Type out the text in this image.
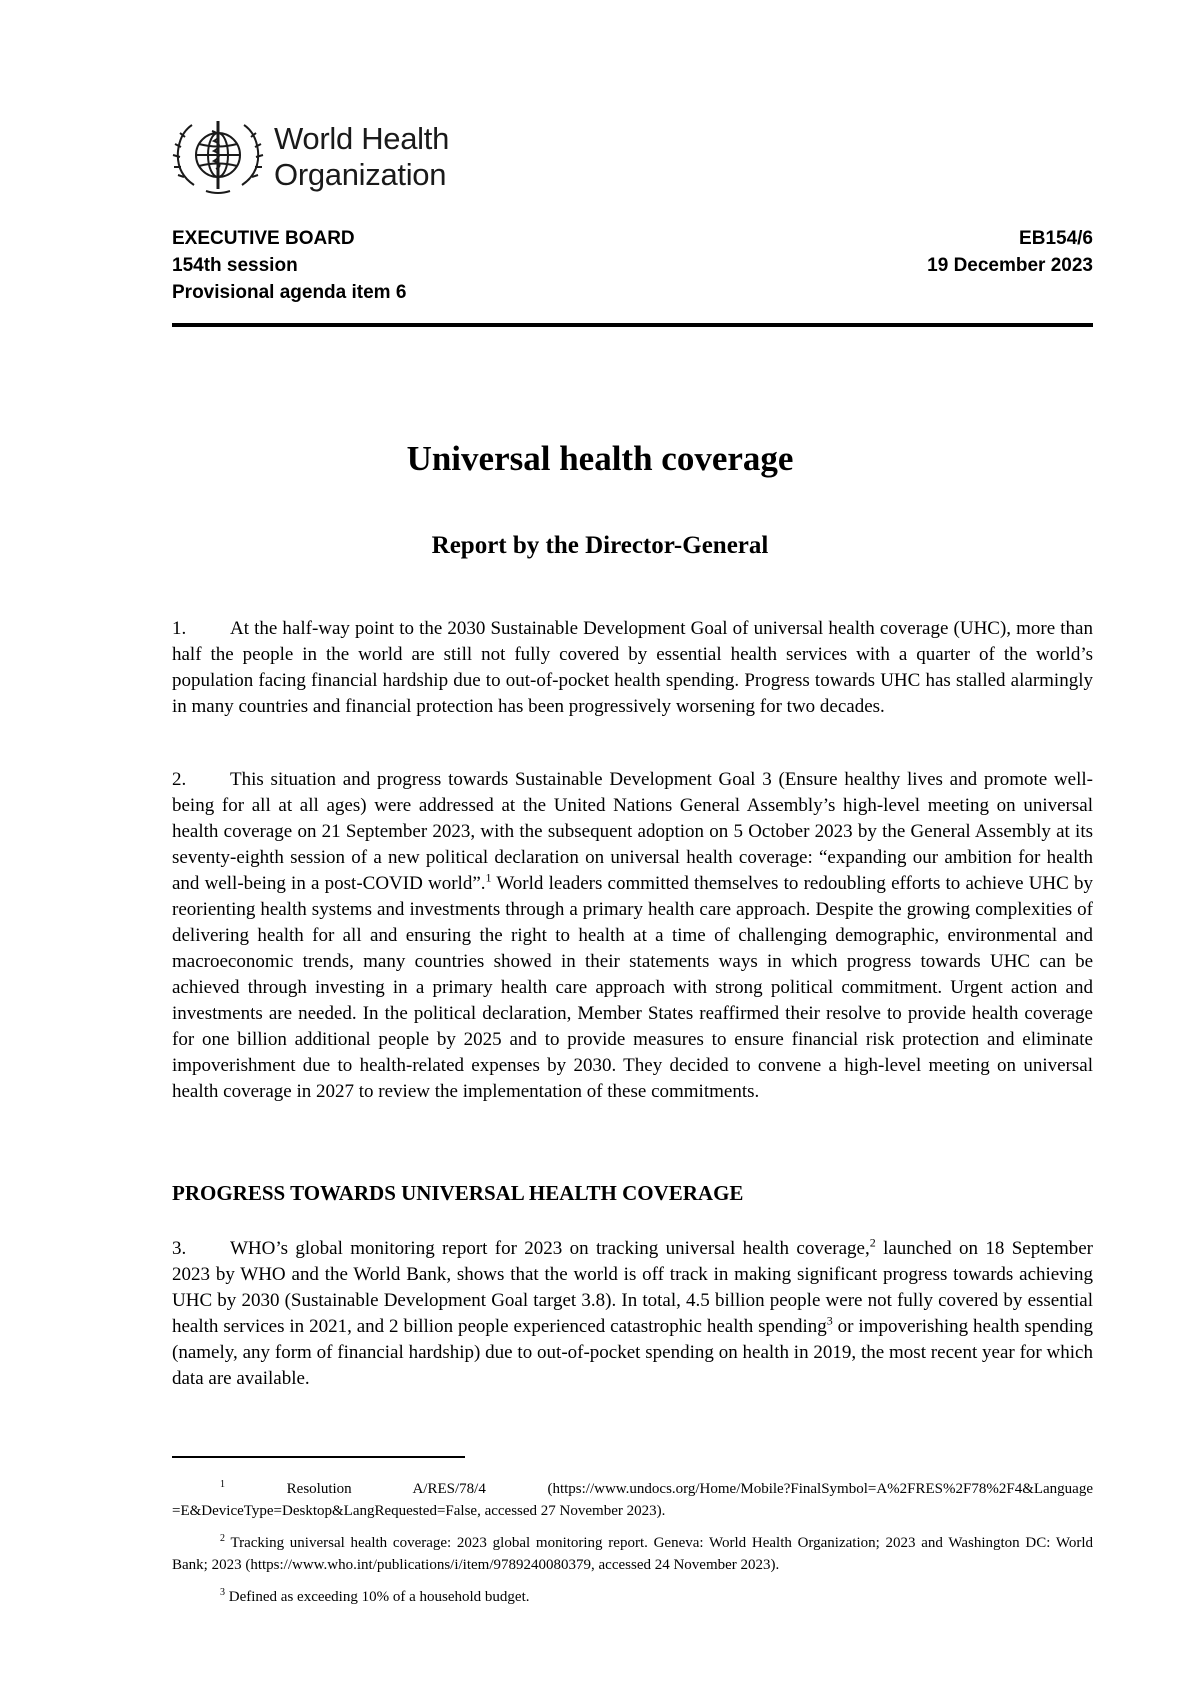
World Health
Organization
EXECUTIVE BOARD
154th session
Provisional agenda item 6
EB154/6
19 December 2023
Universal health coverage
Report by the Director-General

1. At the half-way point to the 2030 Sustainable Development Goal of universal health coverage (UHC), more than half the people in the world are still not fully covered by essential health services with a quarter of the world’s population facing financial hardship due to out-of-pocket health spending. Progress towards UHC has stalled alarmingly in many countries and financial protection has been progressively worsening for two decades.

2. This situation and progress towards Sustainable Development Goal 3 (Ensure healthy lives and promote well-being for all at all ages) were addressed at the United Nations General Assembly’s high-level meeting on universal health coverage on 21 September 2023, with the subsequent adoption on 5 October 2023 by the General Assembly at its seventy-eighth session of a new political declaration on universal health coverage: “expanding our ambition for health and well-being in a post-COVID world”.$^1$ World leaders committed themselves to redoubling efforts to achieve UHC by reorienting health systems and investments through a primary health care approach. Despite the growing complexities of delivering health for all and ensuring the right to health at a time of challenging demographic, environmental and macroeconomic trends, many countries showed in their statements ways in which progress towards UHC can be achieved through investing in a primary health care approach with strong political commitment. Urgent action and investments are needed. In the political declaration, Member States reaffirmed their resolve to provide health coverage for one billion additional people by 2025 and to provide measures to ensure financial risk protection and eliminate impoverishment due to health-related expenses by 2030. They decided to convene a high-level meeting on universal health coverage in 2027 to review the implementation of these commitments.

PROGRESS TOWARDS UNIVERSAL HEALTH COVERAGE

3. WHO’s global monitoring report for 2023 on tracking universal health coverage,$^2$ launched on 18 September 2023 by WHO and the World Bank, shows that the world is off track in making significant progress towards achieving UHC by 2030 (Sustainable Development Goal target 3.8). In total, 4.5 billion people were not fully covered by essential health services in 2021, and 2 billion people experienced catastrophic health spending$^3$ or impoverishing health spending (namely, any form of financial hardship) due to out-of-pocket spending on health in 2019, the most recent year for which data are available.

$^1$ Resolution A/RES/78/4 (https://www.undocs.org/Home/Mobile?FinalSymbol=A%2FRES%2F78%2F4&Language =E&DeviceType=Desktop&LangRequested=False, accessed 27 November 2023).

$^2$ Tracking universal health coverage: 2023 global monitoring report. Geneva: World Health Organization; 2023 and Washington DC: World Bank; 2023 (https://www.who.int/publications/i/item/9789240080379, accessed 24 November 2023).

$^3$ Defined as exceeding 10% of a household budget.
